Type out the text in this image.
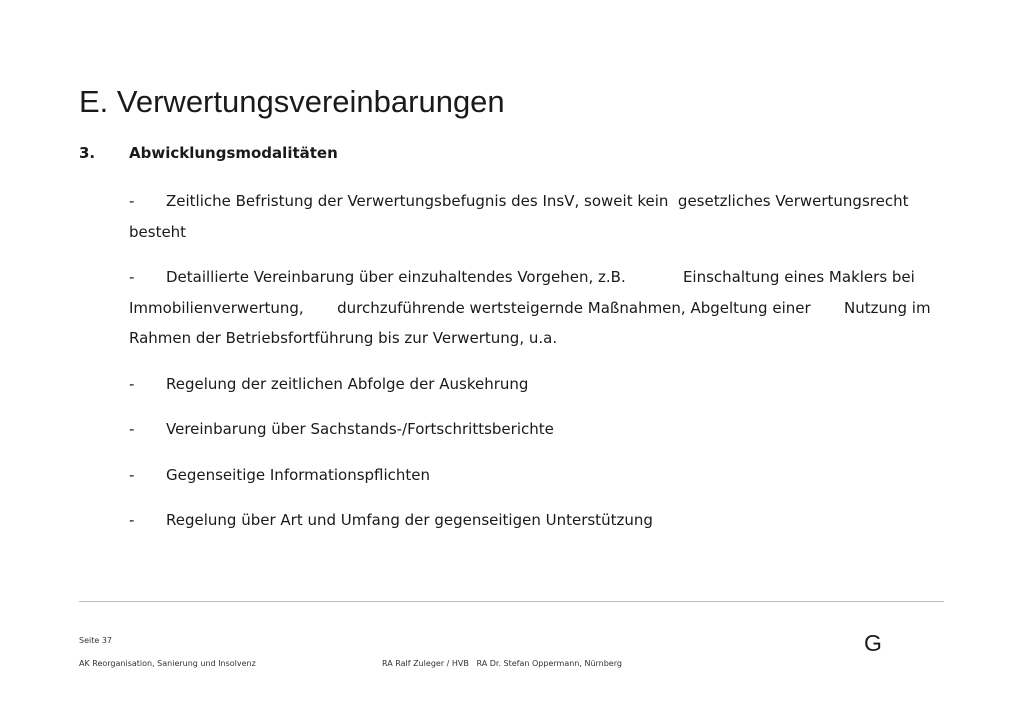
E. Verwertungsvereinbarungen
3. Abwicklungsmodalitäten
- Zeitliche Befristung der Verwertungsbefugnis des InsV, soweit kein  gesetzliches Verwertungsrecht besteht
- Detaillierte Vereinbarung über einzuhaltendes Vorgehen, z.B.            Einschaltung eines Maklers bei Immobilienverwertung,       durchzuführende wertsteigernde Maßnahmen, Abgeltung einer       Nutzung im Rahmen der Betriebsfortführung bis zur Verwertung, u.a.
- Regelung der zeitlichen Abfolge der Auskehrung
- Vereinbarung über Sachstands-/Fortschrittsberichte
- Gegenseitige Informationspflichten
- Regelung über Art und Umfang der gegenseitigen Unterstützung
Seite 37
AK Reorganisation, Sanierung und Insolvenz	RA Ralf Zuleger / HVB   RA Dr. Stefan Oppermann, Nürnberg
G
